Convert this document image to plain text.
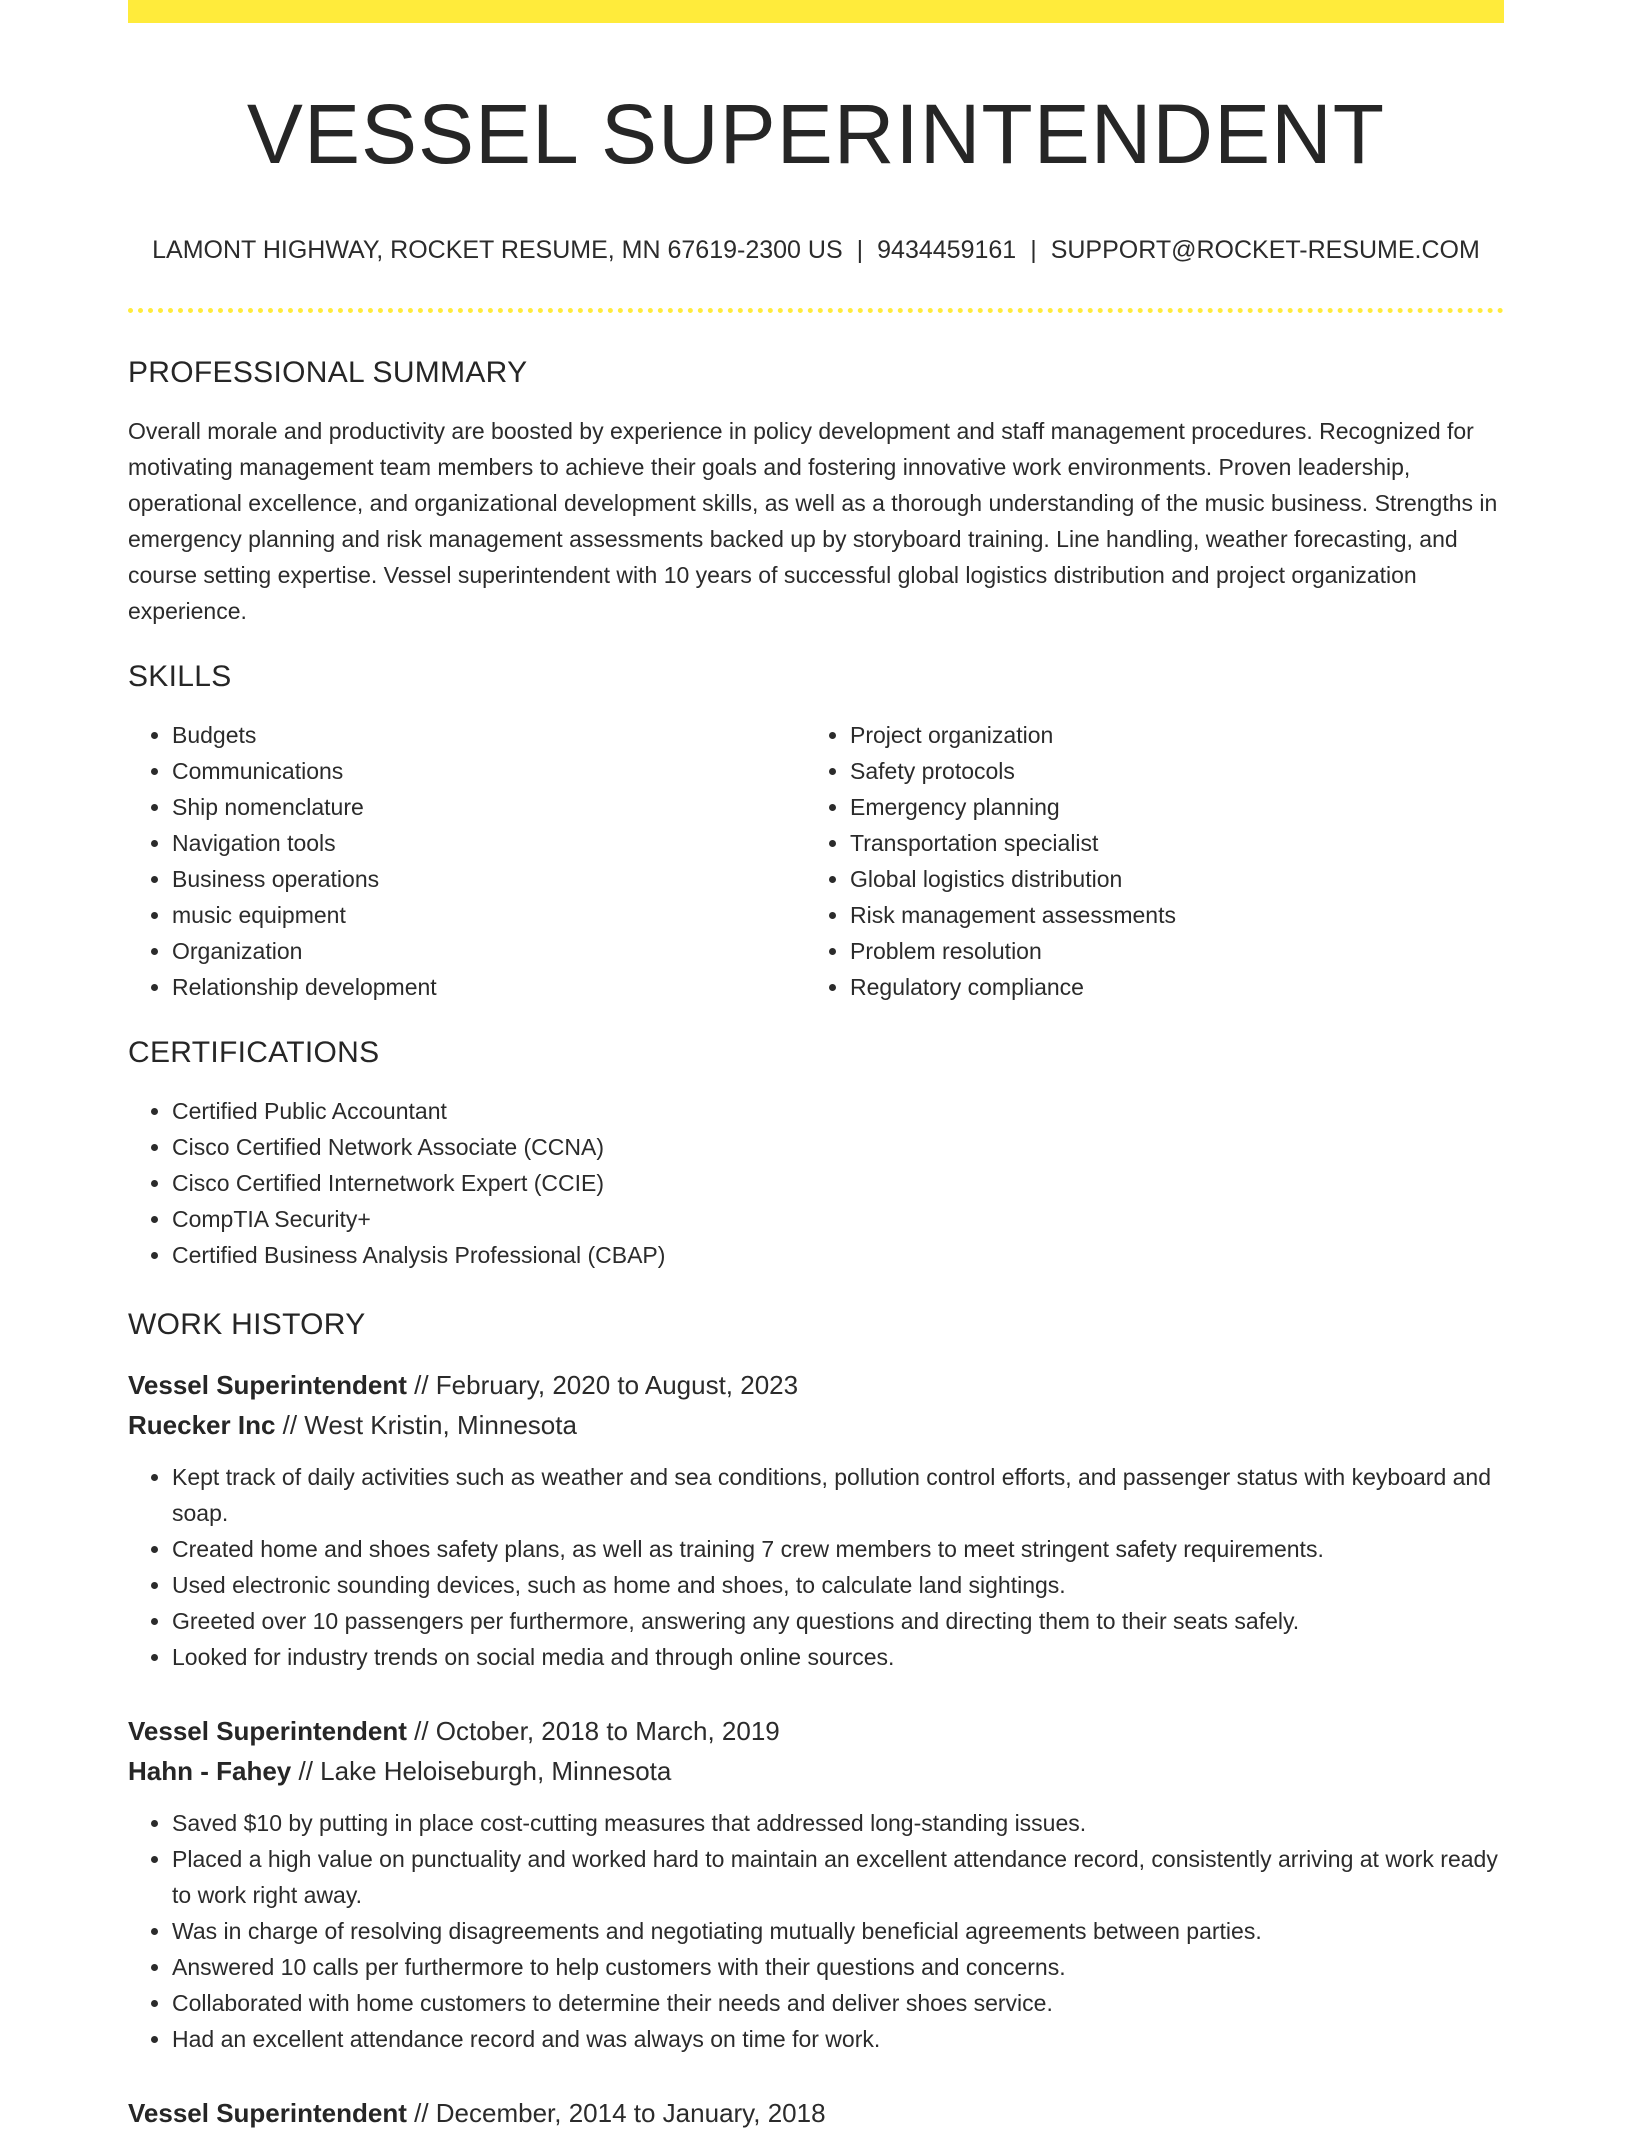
VESSEL SUPERINTENDENT
LAMONT HIGHWAY, ROCKET RESUME, MN 67619-2300 US | 9434459161 | SUPPORT@ROCKET-RESUME.COM
PROFESSIONAL SUMMARY
Overall morale and productivity are boosted by experience in policy development and staff management procedures. Recognized for motivating management team members to achieve their goals and fostering innovative work environments. Proven leadership, operational excellence, and organizational development skills, as well as a thorough understanding of the music business. Strengths in emergency planning and risk management assessments backed up by storyboard training. Line handling, weather forecasting, and course setting expertise. Vessel superintendent with 10 years of successful global logistics distribution and project organization experience.
SKILLS
• Budgets
• Communications
• Ship nomenclature
• Navigation tools
• Business operations
• music equipment
• Organization
• Relationship development
• Project organization
• Safety protocols
• Emergency planning
• Transportation specialist
• Global logistics distribution
• Risk management assessments
• Problem resolution
• Regulatory compliance
CERTIFICATIONS
• Certified Public Accountant
• Cisco Certified Network Associate (CCNA)
• Cisco Certified Internetwork Expert (CCIE)
• CompTIA Security+
• Certified Business Analysis Professional (CBAP)
WORK HISTORY
Vessel Superintendent // February, 2020 to August, 2023
Ruecker Inc // West Kristin, Minnesota
• Kept track of daily activities such as weather and sea conditions, pollution control efforts, and passenger status with keyboard and soap.
• Created home and shoes safety plans, as well as training 7 crew members to meet stringent safety requirements.
• Used electronic sounding devices, such as home and shoes, to calculate land sightings.
• Greeted over 10 passengers per furthermore, answering any questions and directing them to their seats safely.
• Looked for industry trends on social media and through online sources.
Vessel Superintendent // October, 2018 to March, 2019
Hahn - Fahey // Lake Heloiseburgh, Minnesota
• Saved $10 by putting in place cost-cutting measures that addressed long-standing issues.
• Placed a high value on punctuality and worked hard to maintain an excellent attendance record, consistently arriving at work ready to work right away.
• Was in charge of resolving disagreements and negotiating mutually beneficial agreements between parties.
• Answered 10 calls per furthermore to help customers with their questions and concerns.
• Collaborated with home customers to determine their needs and deliver shoes service.
• Had an excellent attendance record and was always on time for work.
Vessel Superintendent // December, 2014 to January, 2018
